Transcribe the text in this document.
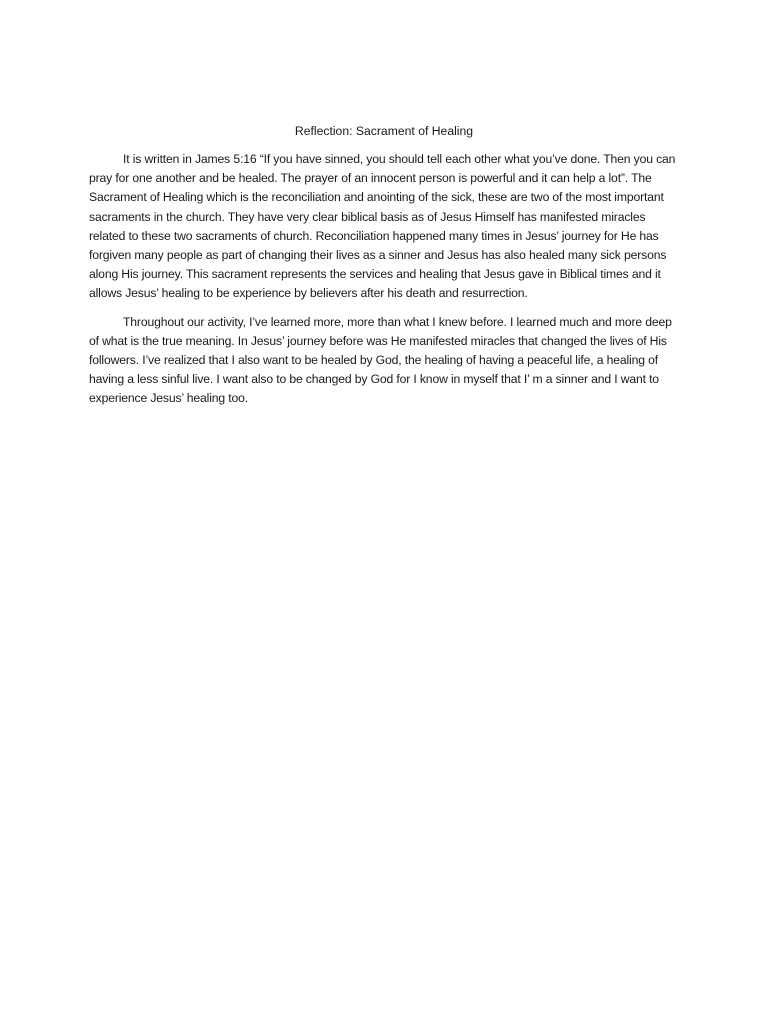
Reflection: Sacrament of Healing

It is written in James 5:16 “If you have sinned, you should tell each other what you’ve done. Then you can pray for one another and be healed. The prayer of an innocent person is powerful and it can help a lot”. The Sacrament of Healing which is the reconciliation and anointing of the sick, these are two of the most important sacraments in the church. They have very clear biblical basis as of Jesus Himself has manifested miracles related to these two sacraments of church. Reconciliation happened many times in Jesus’ journey for He has forgiven many people as part of changing their lives as a sinner and Jesus has also healed many sick persons along His journey. This sacrament represents the services and healing that Jesus gave in Biblical times and it allows Jesus’ healing to be experience by believers after his death and resurrection.

Throughout our activity, I’ve learned more, more than what I knew before. I learned much and more deep of what is the true meaning. In Jesus’ journey before was He manifested miracles that changed the lives of His followers. I’ve realized that I also want to be healed by God, the healing of having a peaceful life, a healing of having a less sinful live. I want also to be changed by God for I know in myself that I’ m a sinner and I want to experience Jesus’ healing too.
